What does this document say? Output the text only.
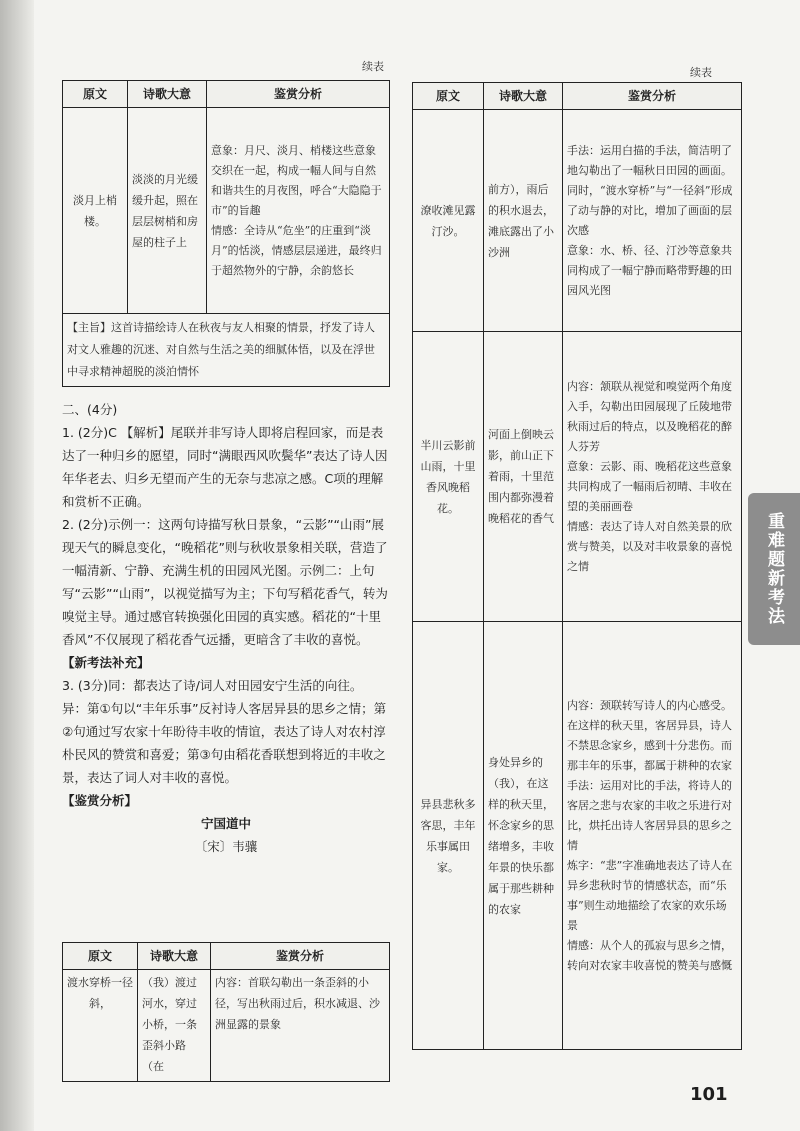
续表
原文	诗歌大意	鉴赏分析
淡月上梢楼。	淡淡的月光缓缓升起，照在层层树梢和房屋的柱子上	意象：月尺、淡月、梢楼这些意象交织在一起，构成一幅人间与自然和谐共生的月夜图，呼合“大隐隐于市”的旨趣
情感：全诗从“危坐”的庄重到“淡月”的恬淡，情感层层递进，最终归于超然物外的宁静，余韵悠长
【主旨】这首诗描绘诗人在秋夜与友人相聚的情景，抒发了诗人对文人雅趣的沉迷、对自然与生活之美的细腻体悟，以及在浮世中寻求精神超脱的淡泊情怀		

二、(4分)

1. (2分)C 【解析】尾联并非写诗人即将启程回家，而是表达了一种归乡的愿望，同时“满眼西风吹鬓华”表达了诗人因年华老去、归乡无望而产生的无奈与悲凉之感。C项的理解和赏析不正确。

2. (2分)示例一：这两句诗描写秋日景象，“云影”“山雨”展现天气的瞬息变化，“晚稻花”则与秋收景象相关联，营造了一幅清新、宁静、充满生机的田园风光图。示例二：上句写“云影”“山雨”，以视觉描写为主；下句写稻花香气，转为嗅觉主导。通过感官转换强化田园的真实感。稻花的“十里香风”不仅展现了稻花香气远播，更暗含了丰收的喜悦。

【新考法补充】

3. (3分)同：都表达了诗/词人对田园安宁生活的向往。

异：第①句以“丰年乐事”反衬诗人客居异县的思乡之情；第②句通过写农家十年盼待丰收的情谊，表达了诗人对农村淳朴民风的赞赏和喜爱；第③句由稻花香联想到将近的丰收之景，表达了词人对丰收的喜悦。

【鉴赏分析】

宁国道中

〔宋〕韦骧

原文	诗歌大意	鉴赏分析
渡水穿桥一径斜，	（我）渡过河水，穿过小桥，一条歪斜小路（在	内容：首联勾勒出一条歪斜的小径，写出秋雨过后，积水减退、沙洲显露的景象
续表
原文	诗歌大意	鉴赏分析
潦收滩见露汀沙。	前方），雨后的积水退去，滩底露出了小沙洲	手法：运用白描的手法，简洁明了地勾勒出了一幅秋日田园的画面。同时，“渡水穿桥”与“一径斜”形成了动与静的对比，增加了画面的层次感
意象：水、桥、径、汀沙等意象共同构成了一幅宁静而略带野趣的田园风光图
半川云影前山雨，十里香风晚稻花。	河面上倒映云影，前山正下着雨，十里范围内都弥漫着晚稻花的香气	内容：颔联从视觉和嗅觉两个角度入手，勾勒出田园展现了丘陵地带秋雨过后的特点，以及晚稻花的醉人芬芳
意象：云影、雨、晚稻花这些意象共同构成了一幅雨后初晴、丰收在望的美丽画卷
情感：表达了诗人对自然美景的欣赏与赞美，以及对丰收景象的喜悦之情
异县悲秋多客思，丰年乐事属田家。	身处异乡的（我），在这样的秋天里，怀念家乡的思绪增多，丰收年景的快乐都属于那些耕种的农家	内容：颈联转写诗人的内心感受。在这样的秋天里，客居异县，诗人不禁思念家乡，感到十分悲伤。而那丰年的乐事，都属于耕种的农家
手法：运用对比的手法，将诗人的客居之悲与农家的丰收之乐进行对比，烘托出诗人客居异县的思乡之情
炼字：“悲”字准确地表达了诗人在异乡悲秋时节的情感状态，而“乐事”则生动地描绘了农家的欢乐场景
情感：从个人的孤寂与思乡之情，转向对农家丰收喜悦的赞美与感慨
重难题新考法
101
